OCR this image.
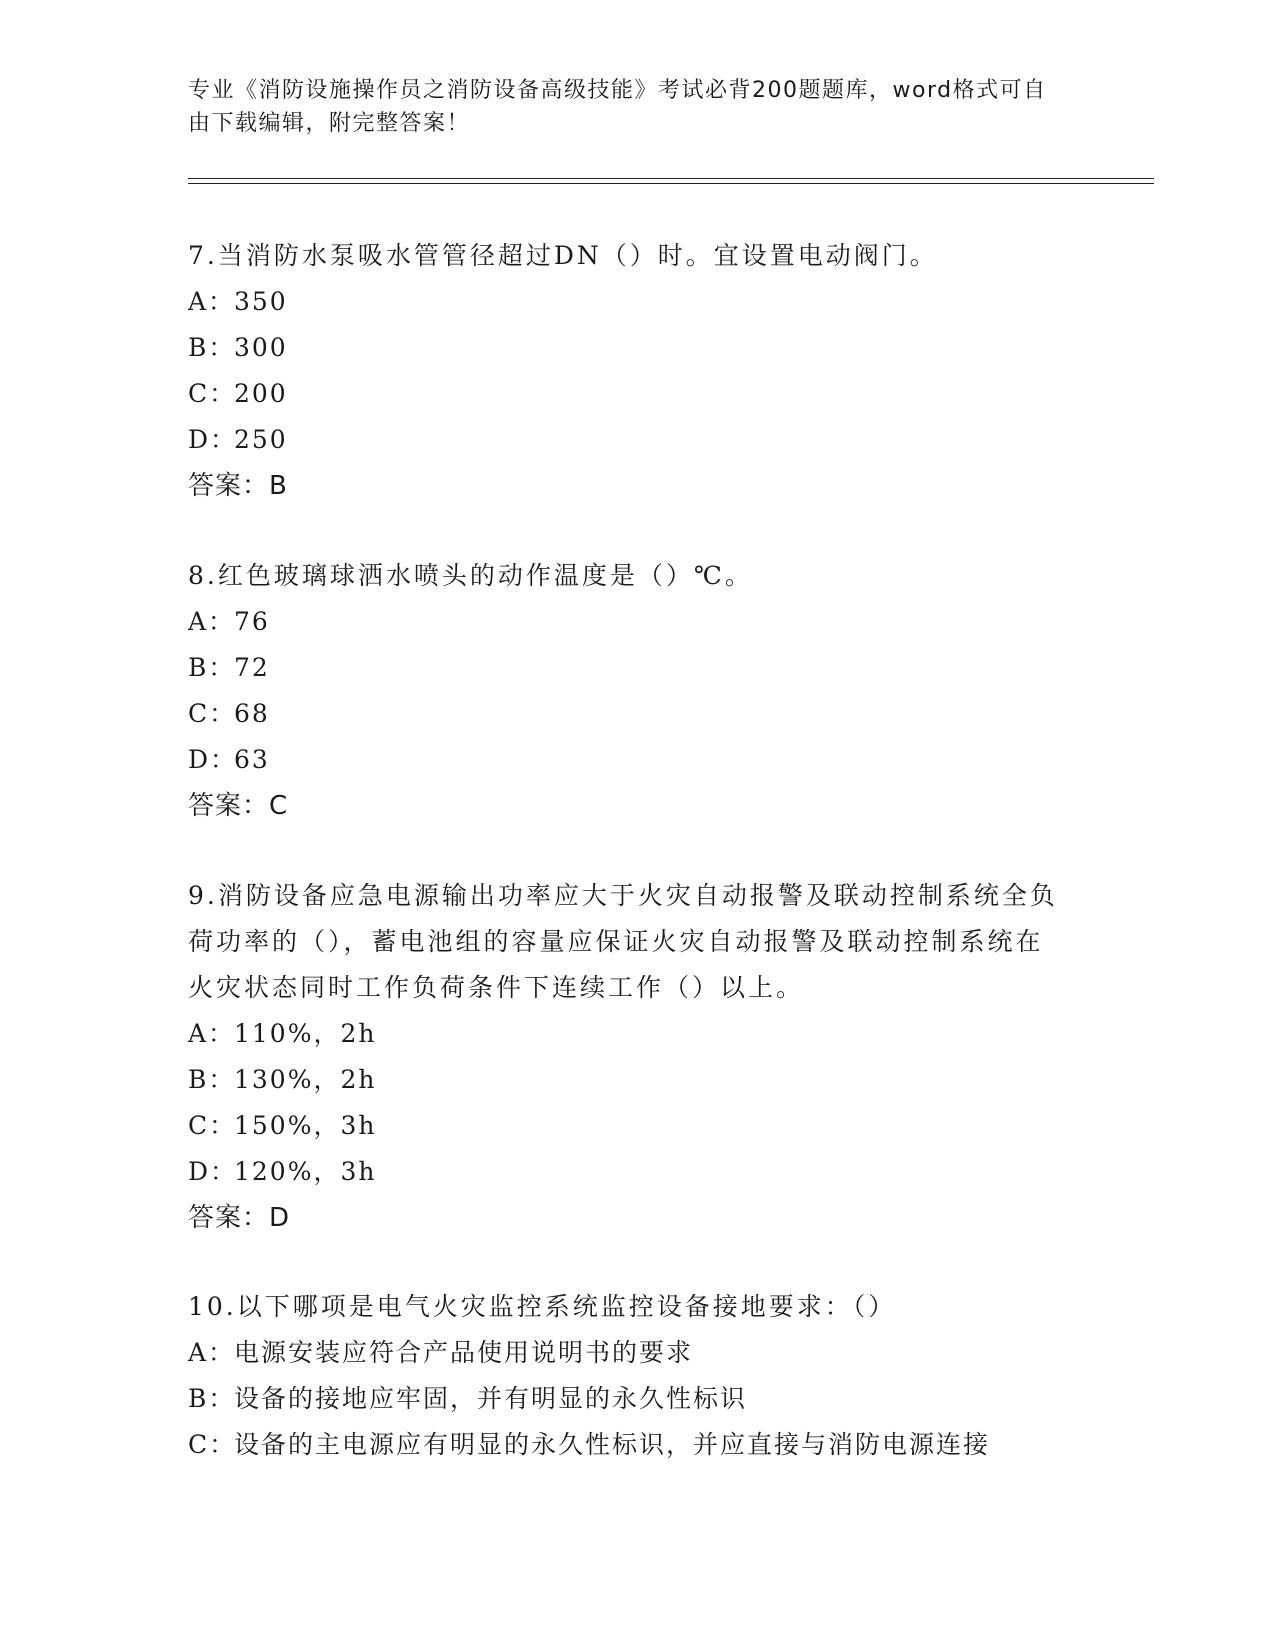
专业《消防设施操作员之消防设备高级技能》考试必背200题题库，word格式可自由下载编辑，附完整答案！

7.当消防水泵吸水管管径超过DN（）时。宜设置电动阀门。

A：350
B：300
C：200
D：250
答案：B

8.红色玻璃球洒水喷头的动作温度是（）℃。

A：76
B：72
C：68
D：63
答案：C

9.消防设备应急电源输出功率应大于火灾自动报警及联动控制系统全负荷功率的（），蓄电池组的容量应保证火灾自动报警及联动控制系统在火灾状态同时工作负荷条件下连续工作（）以上。

A：110%，2h
B：130%，2h
C：150%，3h
D：120%，3h
答案：D

10.以下哪项是电气火灾监控系统监控设备接地要求：（）

A：电源安装应符合产品使用说明书的要求
B：设备的接地应牢固，并有明显的永久性标识
C：设备的主电源应有明显的永久性标识，并应直接与消防电源连接
